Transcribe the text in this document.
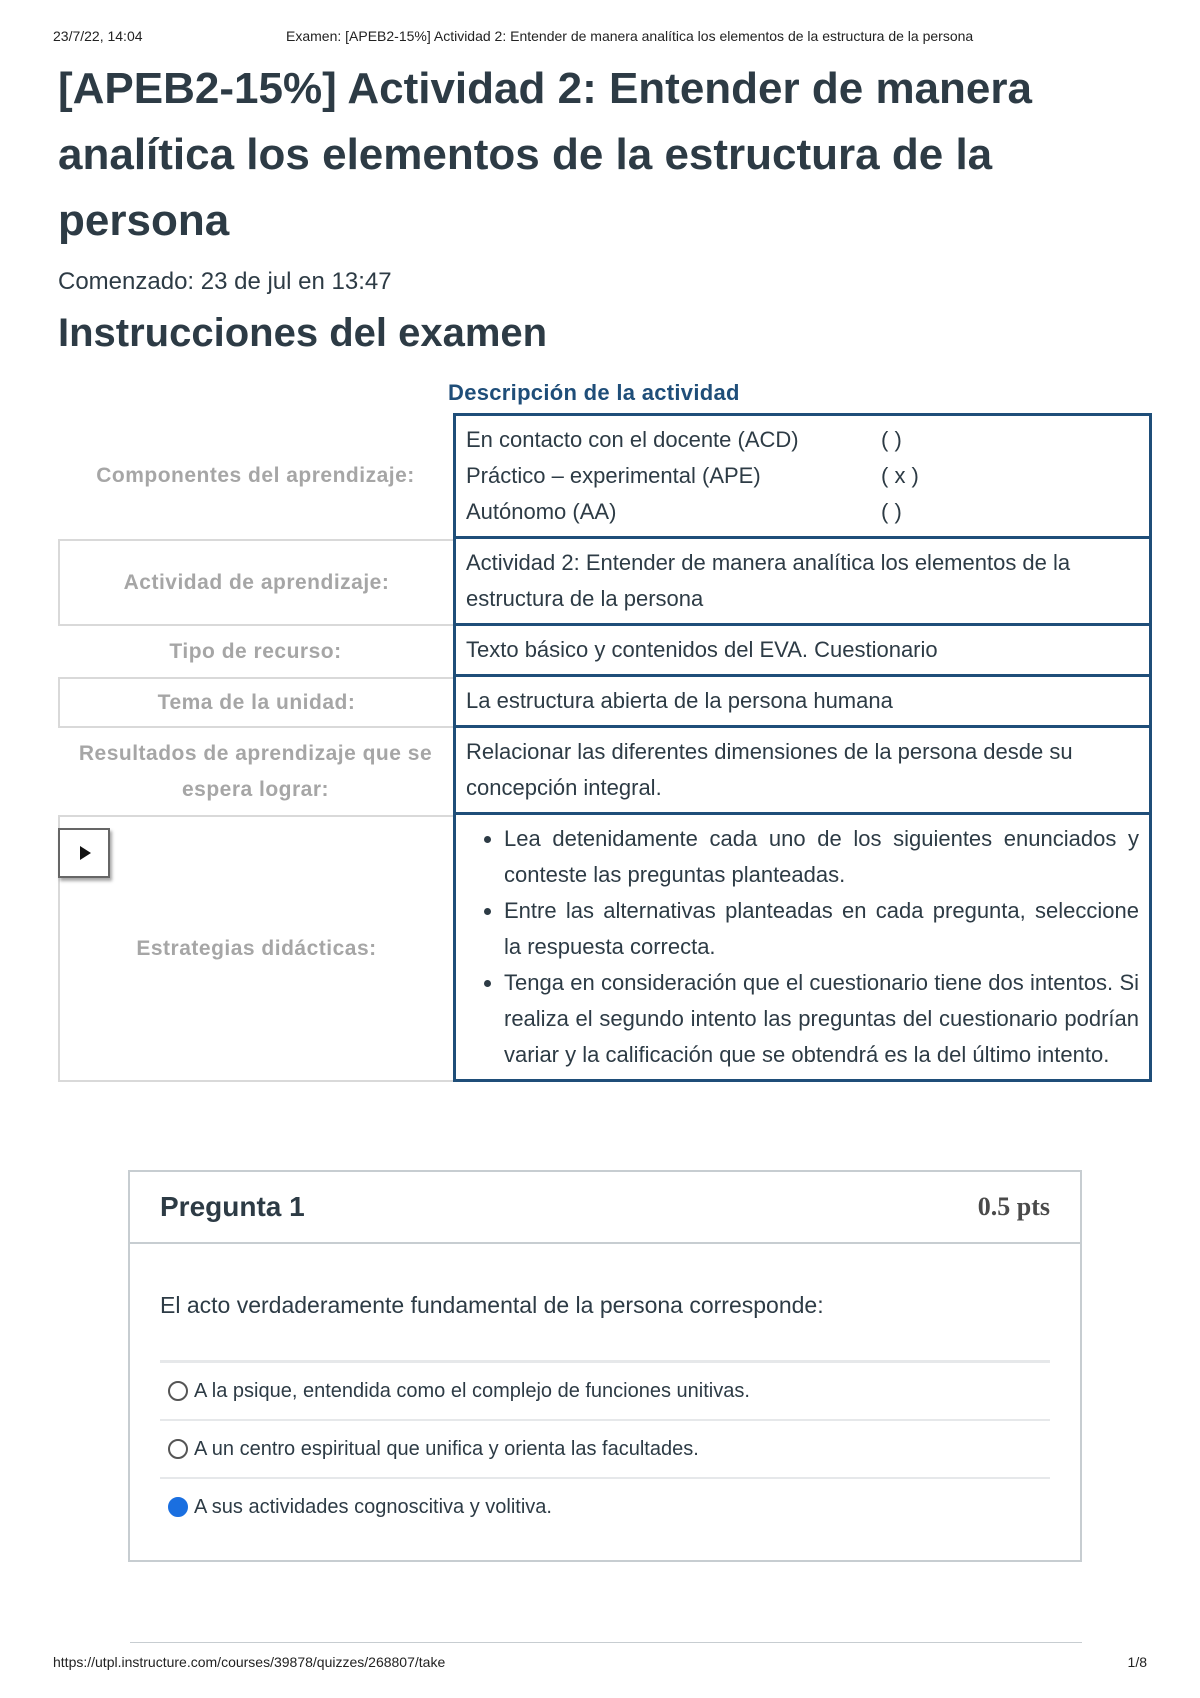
23/7/22, 14:04	Examen: [APEB2-15%] Actividad 2: Entender de manera analítica los elementos de la estructura de la persona
[APEB2-15%] Actividad 2: Entender de manera analítica los elementos de la estructura de la persona
Comenzado: 23 de jul en 13:47
Instrucciones del examen
Descripción de la actividad
Componentes del aprendizaje:
En contacto con el docente (ACD)	( )
Práctico – experimental (APE)	( x )
Autónomo (AA)	( )
Actividad de aprendizaje:
Actividad 2: Entender de manera analítica los elementos de la estructura de la persona
Tipo de recurso:	Texto básico y contenidos del EVA. Cuestionario
Tema de la unidad:	La estructura abierta de la persona humana
Resultados de aprendizaje que se espera lograr:
Relacionar las diferentes dimensiones de la persona desde su concepción integral.
Estrategias didácticas:
• Lea detenidamente cada uno de los siguientes enunciados y conteste las preguntas planteadas.
• Entre las alternativas planteadas en cada pregunta, seleccione la respuesta correcta.
• Tenga en consideración que el cuestionario tiene dos intentos. Si realiza el segundo intento las preguntas del cuestionario podrían variar y la calificación que se obtendrá es la del último intento.
Pregunta 1	0.5 pts
El acto verdaderamente fundamental de la persona corresponde:
A la psique, entendida como el complejo de funciones unitivas.
A un centro espiritual que unifica y orienta las facultades.
A sus actividades cognoscitiva y volitiva.
https://utpl.instructure.com/courses/39878/quizzes/268807/take	1/8
